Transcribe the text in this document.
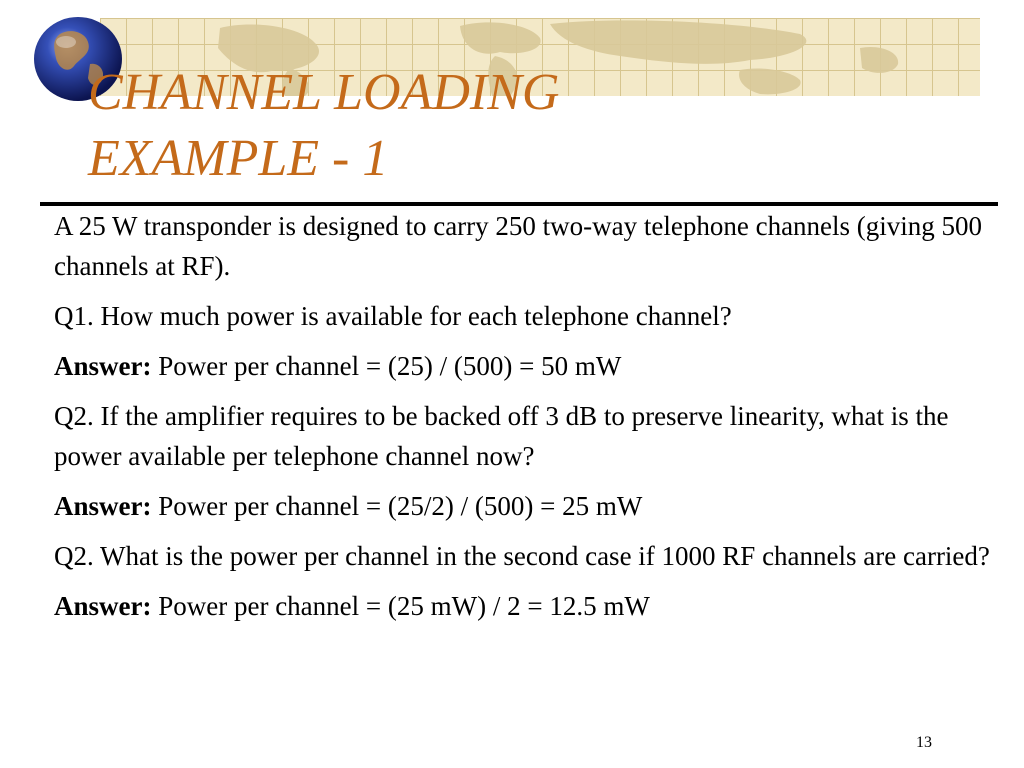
CHANNEL LOADING
EXAMPLE - 1

A 25 W transponder is designed to carry 250 two-way telephone channels (giving 500 channels at RF).

Q1. How much power is available for each telephone channel?

Answer: Power per channel = (25) / (500) = 50 mW

Q2. If the amplifier requires to be backed off 3 dB to preserve linearity, what is the power available per telephone channel now?

Answer: Power per channel = (25/2) / (500) = 25 mW

Q2. What is the power per channel in the second case if 1000 RF channels are carried?

Answer: Power per channel = (25 mW) / 2 = 12.5 mW

13
